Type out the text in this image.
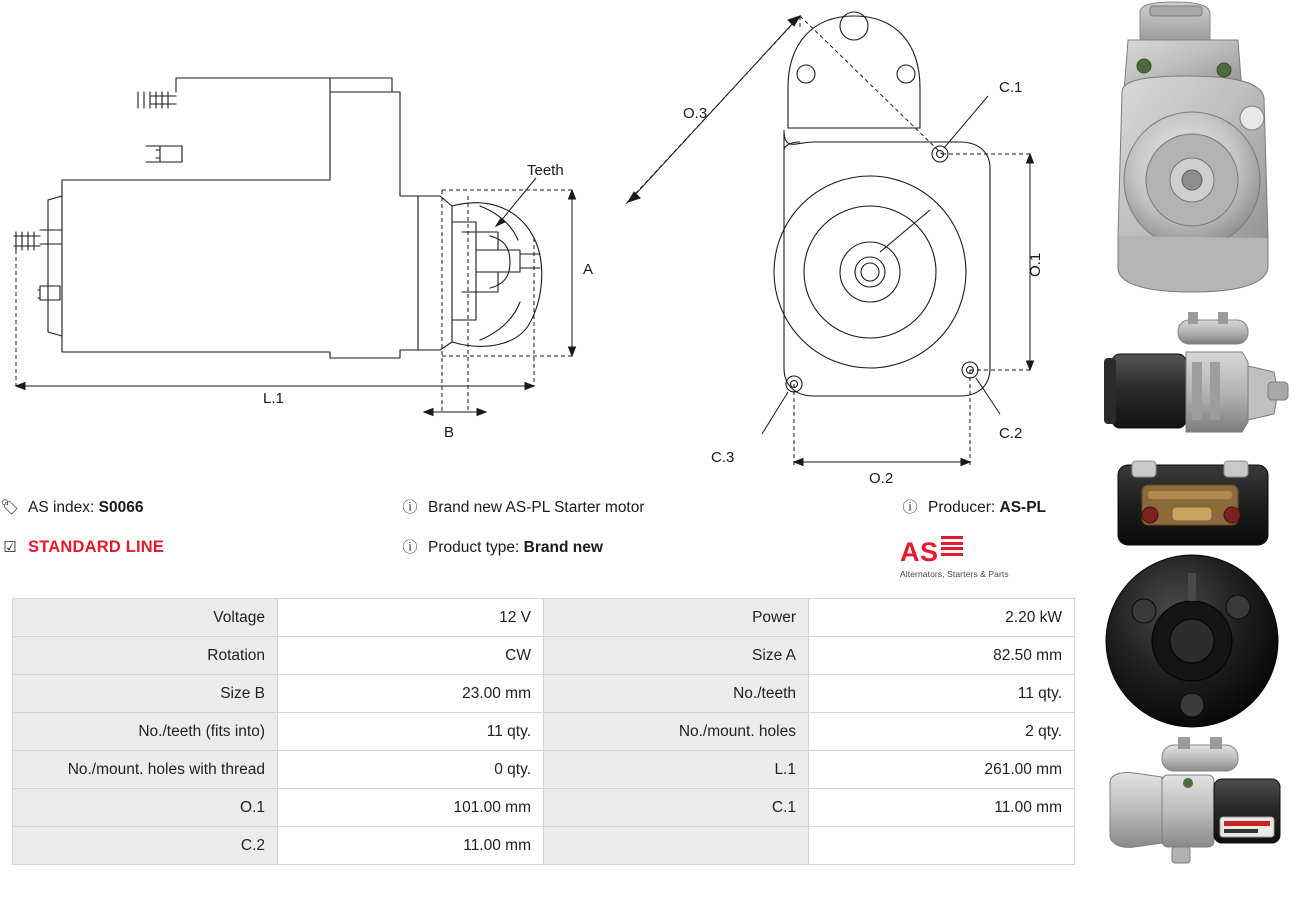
Teeth
A
L.1
B
O.3
O.1
O.2
C.1
C.2
C.3
🏷 AS index: S0066	ⓘ Brand new AS-PL Starter motor	ⓘ Producer: AS-PL
☑ STANDARD LINE	ⓘ Product type: Brand new	AS
Alternators, Starters & Parts
Voltage	12 V	Power	2.20 kW
Rotation	CW	Size A	82.50 mm
Size B	23.00 mm	No./teeth	11 qty.
No./teeth (fits into)	11 qty.	No./mount. holes	2 qty.
No./mount. holes with thread	0 qty.	L.1	261.00 mm
O.1	101.00 mm	C.1	11.00 mm
C.2	11.00 mm		
